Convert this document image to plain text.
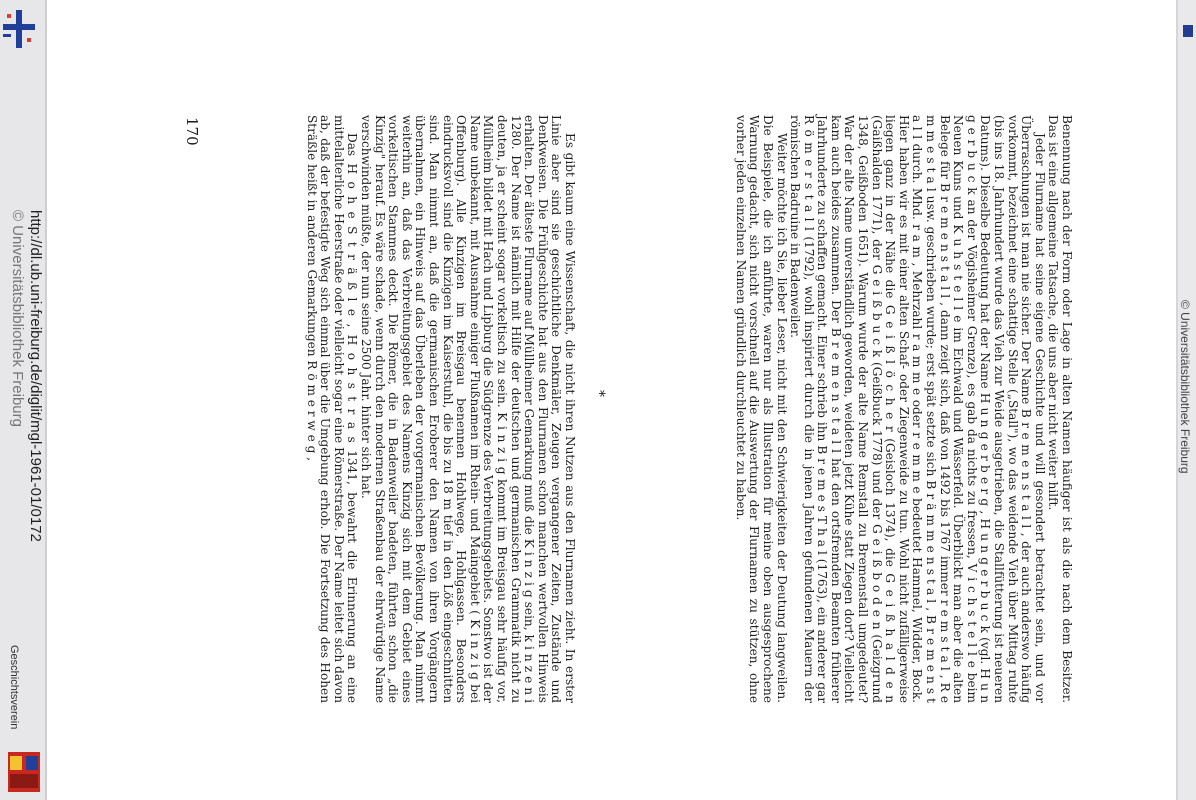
Geschichtsverein
http://dl.ub.uni-freiburg.de/diglit/mgl-1961-01/0172
© Universitätsbibliothek Freiburg	© Universitätsbibliothek Freiburg
170
*	Benennung nach der Form oder Lage in alten Namen häufiger ist als die nach dem Besitzer. Das ist eine allgemeine Tatsache, die uns aber nicht weiter hilft.

Jeder Flurname hat seine eigene Geschichte und will gesondert betrachtet sein, und vor Überraschungen ist man nie sicher. Der Name B r e m e n s t a l l , der auch anderswo häufig vorkommt, bezeichnet eine schattige Stelle („Stall"), wo das weidende Vieh über Mittag ruhte (bis ins 18. Jahrhundert wurde das Vieh zur Weide ausgetrieben, die Stallfütterung ist neueren Datums). Dieselbe Bedeutung hat der Name H u n g e r b e r g , H u n g e r b u c k (vgl. H u n g e r b u c k an der Vögisheimer Grenze), es gab da nichts zu fressen, V i c h s t e l l e beim Neuen Kuns und K u h s t e l l e im Eichwald und Wässerfeld. Überblickt man aber die alten Belege für B r e m e n s t a l l , dann zeigt sich, daß von 1492 bis 1767 immer r e m s t a l , R e m m e s t a l usw. geschrieben wurde; erst spät setzte sich B r ä m m e n s t a l , B r e m e n s t a l l durch. Mhd. r a m , Mehrzahl r a m m e oder r e m m e bedeutet Hammel, Widder, Bock. Hier haben wir es mit einer alten Schaf- oder Ziegenweide zu tun. Wohl nicht zufälligerweise liegen ganz in der Nähe die G e i ß l ö c h e r (Geisloch 1374), die G e i ß h a l d e n (Gaißhalden 1771), der G e i ß b u c k (Geißbuck 1778) und der G e i ß b o d e n (Geizgrund 1348, Geißboden 1651). Warum wurde der alte Name Remstall zu Bremenstall umgedeutet? War der alte Name unverständlich geworden, weideten jetzt Kühe statt Ziegen dort? Vielleicht kam auch beides zusammen. Der B r e m e n s t a l l hat den ortsfremden Beamten früherer Jahrhunderte zu schaffen gemacht. Einer schrieb ihn B r e m e s T h a l (1763), ein anderer gar R ö m e r s t a l l (1792), wohl inspiriert durch die in jenen Jahren gefundenen Mauern der römischen Badruine in Badenweiler.

Weiter möchte ich Sie, lieber Leser, nicht mit den Schwierigkeiten der Deutung langweilen. Die Beispiele, die ich anführte, waren nur als Illustration für meine oben ausgesprochene Warnung gedacht, sich nicht vorschnell auf die Auswertung der Flurnamen zu stützen, ohne vorher jeden einzelnen Namen gründlich durchleuchtet zu haben.

Es gibt kaum eine Wissenschaft, die nicht ihren Nutzen aus den Flurnamen zieht. In erster Linie aber sind sie geschichtliche Denkmäler, Zeugen vergangener Zeiten, Zustände und Denkweisen. Die Frühgeschichte hat aus den Flurnamen schon manchen wertvollen Hinweis erhalten. Der älteste Flurname auf Müllheimer Gemarkung muß die K i n z i g sein, k i n z e n i 1280. Der Name ist nämlich mit Hilfe der deutschen und germanischen Grammatik nicht zu deuten, ja er scheint sogar vorkeltisch zu sein. K i n z i g kommt im Breisgau sehr häufig vor, Müllheim bildet mit Hach und Lipburg die Südgrenze des Verbreitungsgebiets. Sonstwo ist der Name unbekannt, mit Ausnahme einiger Flußnamen im Rhein- und Maingebiet ( K i n z i g bei Offenburg). Alle Kinzigen im Breisgau benennen Hohlwege, Hohlgassen. Besonders eindrucksvoll sind die Kinzigen im Kaiserstuhl, die bis zu 18 m tief in den Löß eingeschnitten sind. Man nimmt an, daß die germanischen Eroberer den Namen von ihren Vorgängern übernahmen, ein Hinweis auf das Überleben der vorgermanischen Bevölkerung. Man nimmt weiterhin an, daß das Verbreitungsgebiet des Namens Kinzig sich mit dem Gebiet eines vorkeltischen Stammes deckt. Die Römer, die in Badenweiler badeten, führten schon „die Kinzig" herauf. Es wäre schade, wenn durch den modernen Straßenbau der ehrwürdige Name verschwinden müßte, der nun seine 2500 Jahr. hinter sich hat.

Das H o h e S t r ä ß l e , H o h s t r a s 1341, bewahrt die Erinnerung an eine mittelalterliche Heerstraße oder vielleicht sogar eine Römerstraße. Der Name leitet sich davon ab, daß der befestigte Weg sich einmal über die Umgebung erhob. Die Fortsetzung des Hohen Sträßle heißt in anderen Gemarkungen R ö m e r w e g ,
